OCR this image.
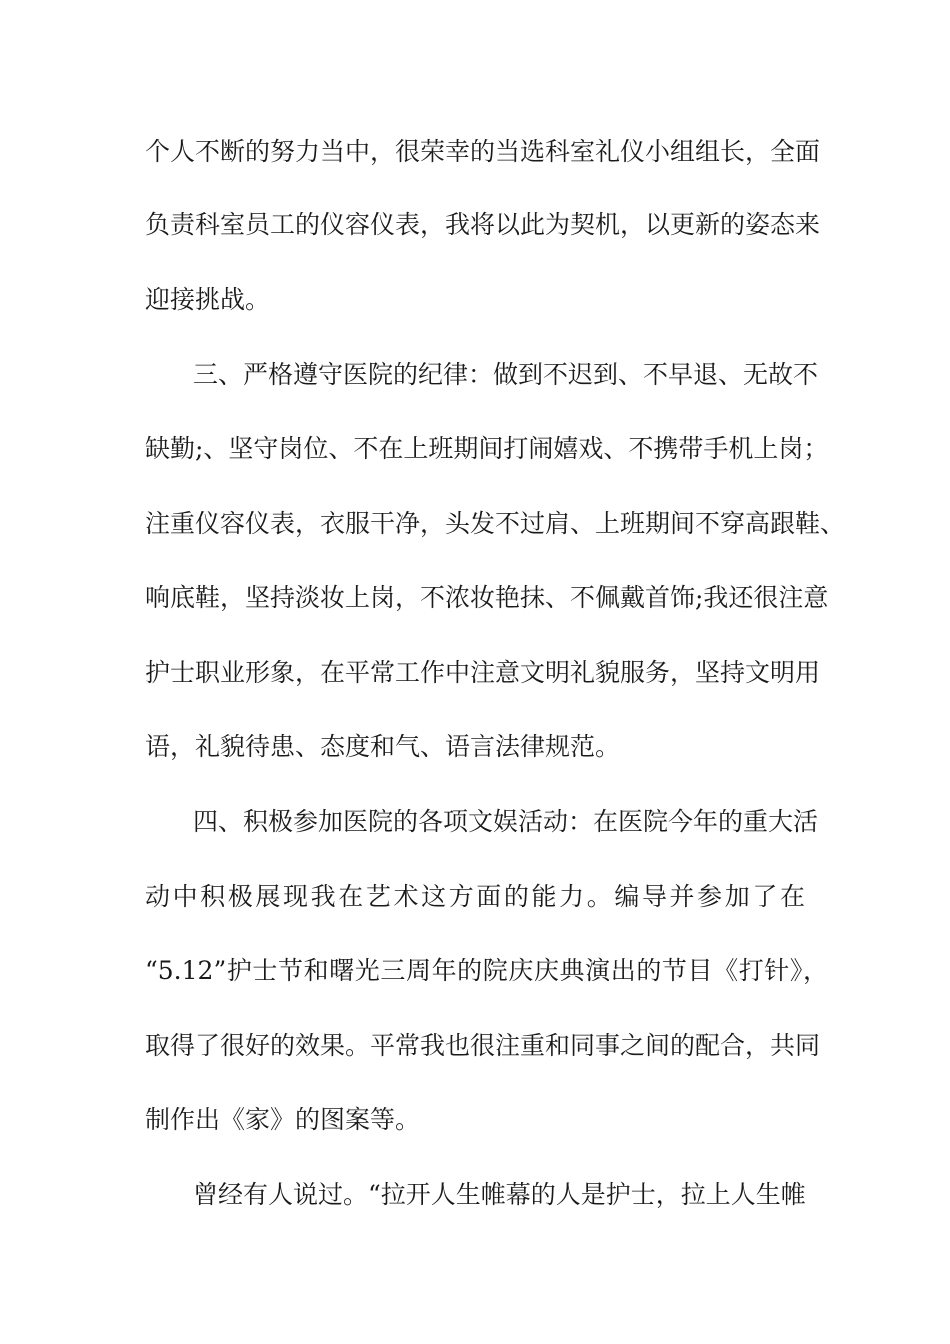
个人不断的努力当中，很荣幸的当选科室礼仪小组组长，全面

负责科室员工的仪容仪表，我将以此为契机，以更新的姿态来

迎接挑战。

三、严格遵守医院的纪律：做到不迟到、不早退、无故不

缺勤;、坚守岗位、不在上班期间打闹嬉戏、不携带手机上岗；

注重仪容仪表，衣服干净，头发不过肩、上班期间不穿高跟鞋、

响底鞋，坚持淡妆上岗，不浓妆艳抹、不佩戴首饰;我还很注意

护士职业形象，在平常工作中注意文明礼貌服务，坚持文明用

语，礼貌待患、态度和气、语言法律规范。

四、积极参加医院的各项文娱活动：在医院今年的重大活

动中积极展现我在艺术这方面的能力。编导并参加了在

“5.12”护士节和曙光三周年的院庆庆典演出的节目《打针》，

取得了很好的效果。平常我也很注重和同事之间的配合，共同

制作出《家》的图案等。

曾经有人说过。“拉开人生帷幕的人是护士，拉上人生帷
